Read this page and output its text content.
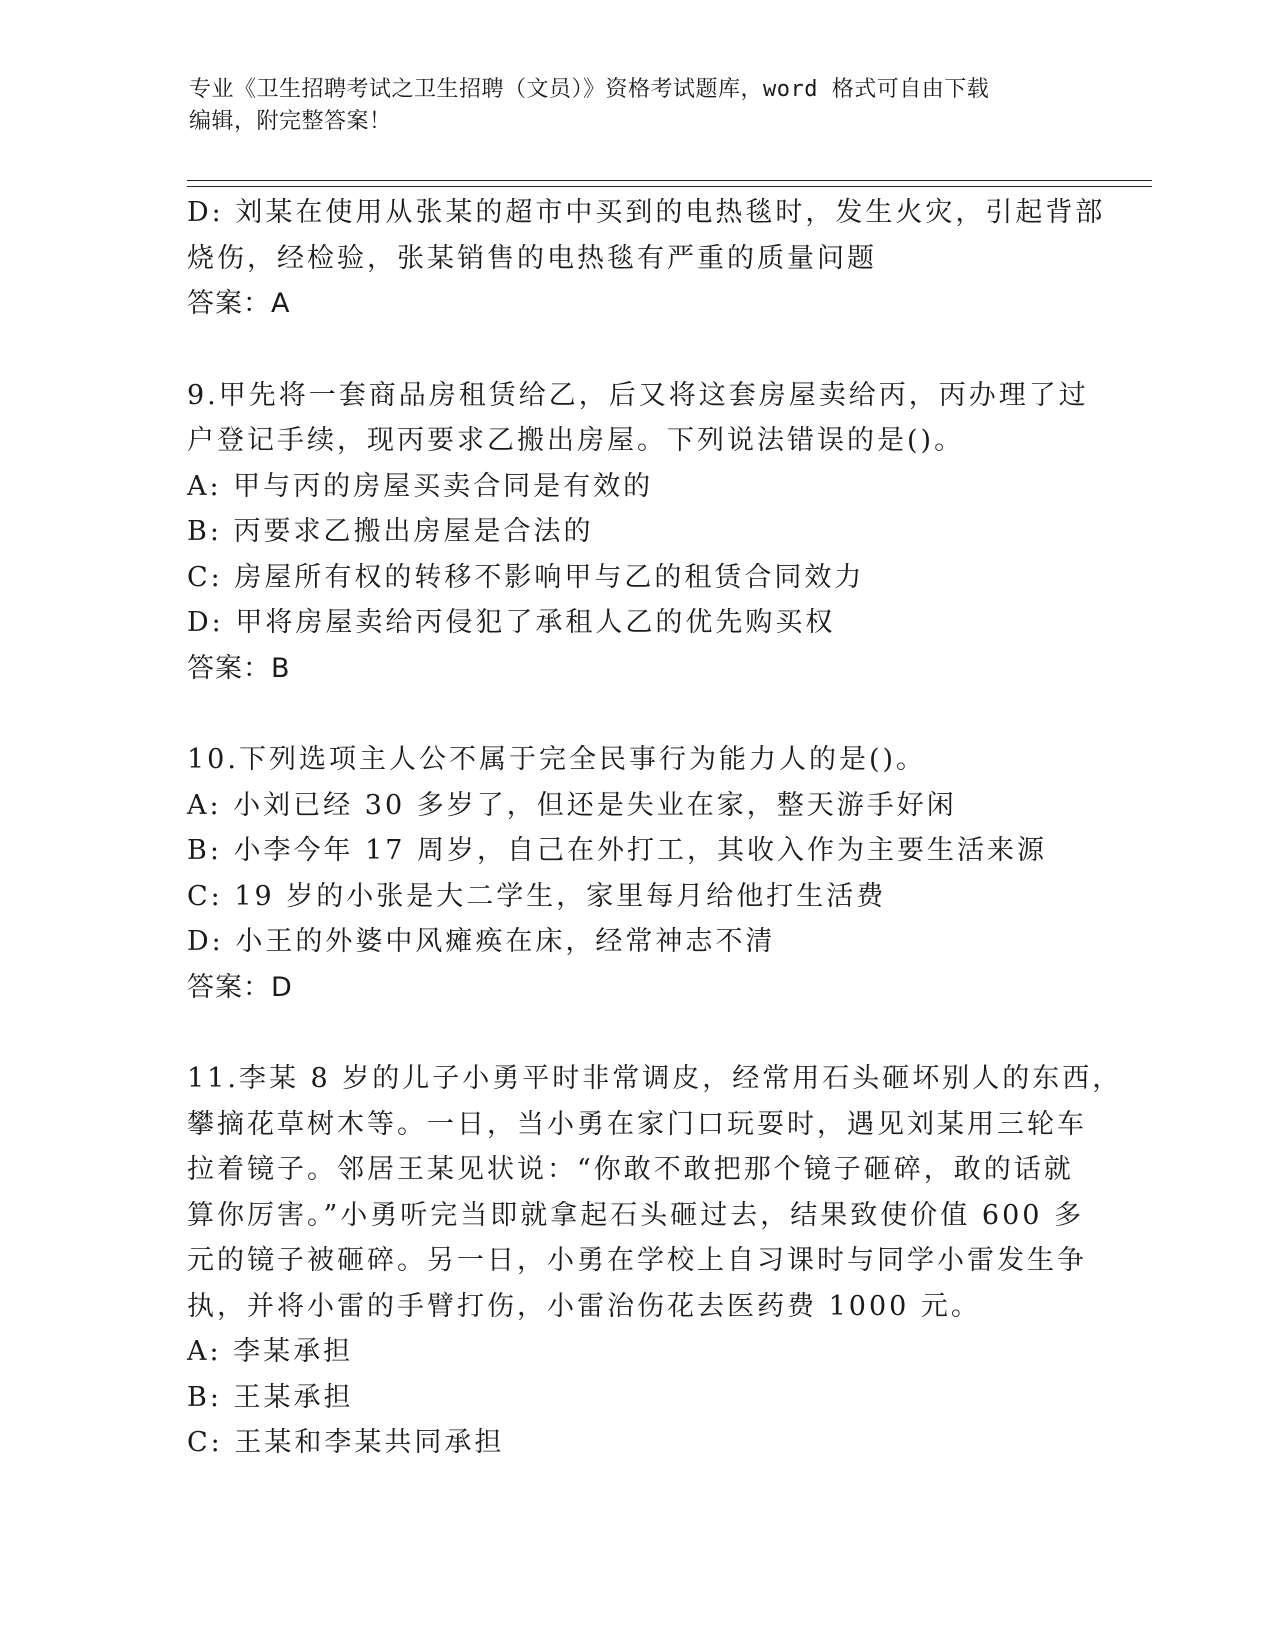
专业《卫生招聘考试之卫生招聘（文员）》资格考试题库，word 格式可自由下载
编辑，附完整答案！
D: 刘某在使用从张某的超市中买到的电热毯时，发生火灾，引起背部
烧伤，经检验，张某销售的电热毯有严重的质量问题
答案：A
9.甲先将一套商品房租赁给乙，后又将这套房屋卖给丙，丙办理了过
户登记手续，现丙要求乙搬出房屋。下列说法错误的是()。
A: 甲与丙的房屋买卖合同是有效的
B: 丙要求乙搬出房屋是合法的
C: 房屋所有权的转移不影响甲与乙的租赁合同效力
D: 甲将房屋卖给丙侵犯了承租人乙的优先购买权
答案：B
10.下列选项主人公不属于完全民事行为能力人的是()。
A: 小刘已经 30 多岁了，但还是失业在家，整天游手好闲
B: 小李今年 17 周岁，自己在外打工，其收入作为主要生活来源
C: 19 岁的小张是大二学生，家里每月给他打生活费
D: 小王的外婆中风瘫痪在床，经常神志不清
答案：D
11.李某 8 岁的儿子小勇平时非常调皮，经常用石头砸坏别人的东西，
攀摘花草树木等。一日，当小勇在家门口玩耍时，遇见刘某用三轮车
拉着镜子。邻居王某见状说：“你敢不敢把那个镜子砸碎，敢的话就
算你厉害。”小勇听完当即就拿起石头砸过去，结果致使价值 600 多
元的镜子被砸碎。另一日，小勇在学校上自习课时与同学小雷发生争
执，并将小雷的手臂打伤，小雷治伤花去医药费 1000 元。
A: 李某承担
B: 王某承担
C: 王某和李某共同承担
